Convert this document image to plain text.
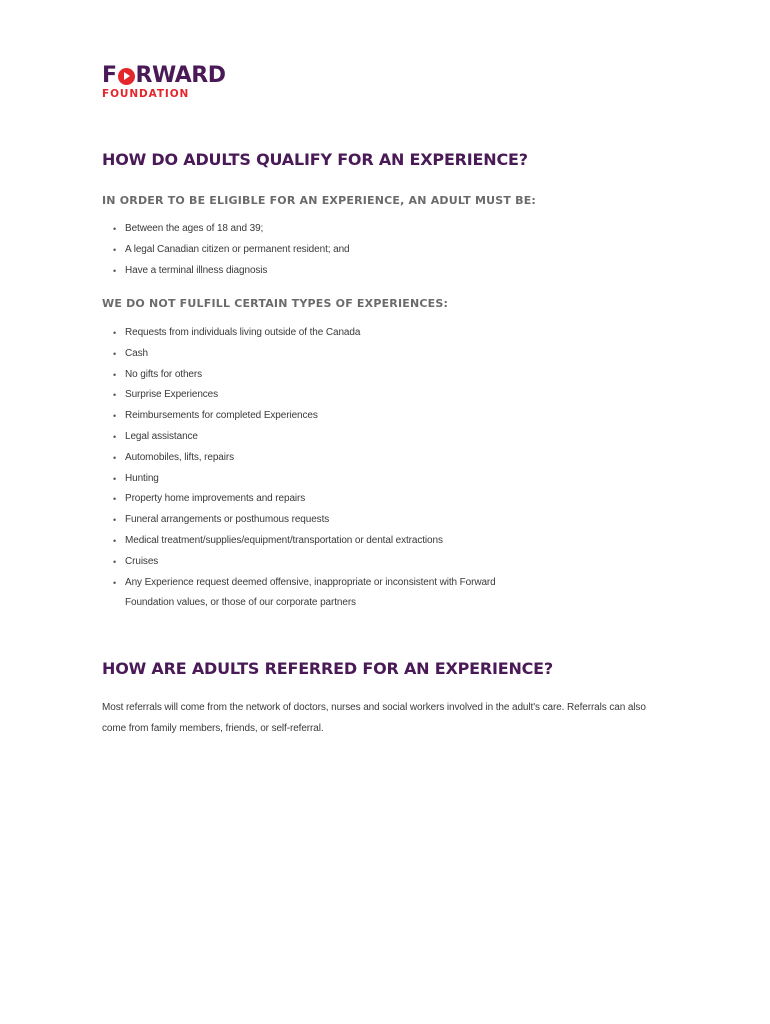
F RWARD
FOUNDATION
HOW DO ADULTS QUALIFY FOR AN EXPERIENCE?
IN ORDER TO BE ELIGIBLE FOR AN EXPERIENCE, AN ADULT MUST BE:
• Between the ages of 18 and 39;
• A legal Canadian citizen or permanent resident; and
• Have a terminal illness diagnosis
WE DO NOT FULFILL CERTAIN TYPES OF EXPERIENCES:
• Requests from individuals living outside of the Canada
• Cash
• No gifts for others
• Surprise Experiences
• Reimbursements for completed Experiences
• Legal assistance
• Automobiles, lifts, repairs
• Hunting
• Property home improvements and repairs
• Funeral arrangements or posthumous requests
• Medical treatment/supplies/equipment/transportation or dental extractions
• Cruises
• Any Experience request deemed offensive, inappropriate or inconsistent with Forward Foundation values, or those of our corporate partners
HOW ARE ADULTS REFERRED FOR AN EXPERIENCE?

Most referrals will come from the network of doctors, nurses and social workers involved in the adult's care. Referrals can also come from family members, friends, or self-referral.
